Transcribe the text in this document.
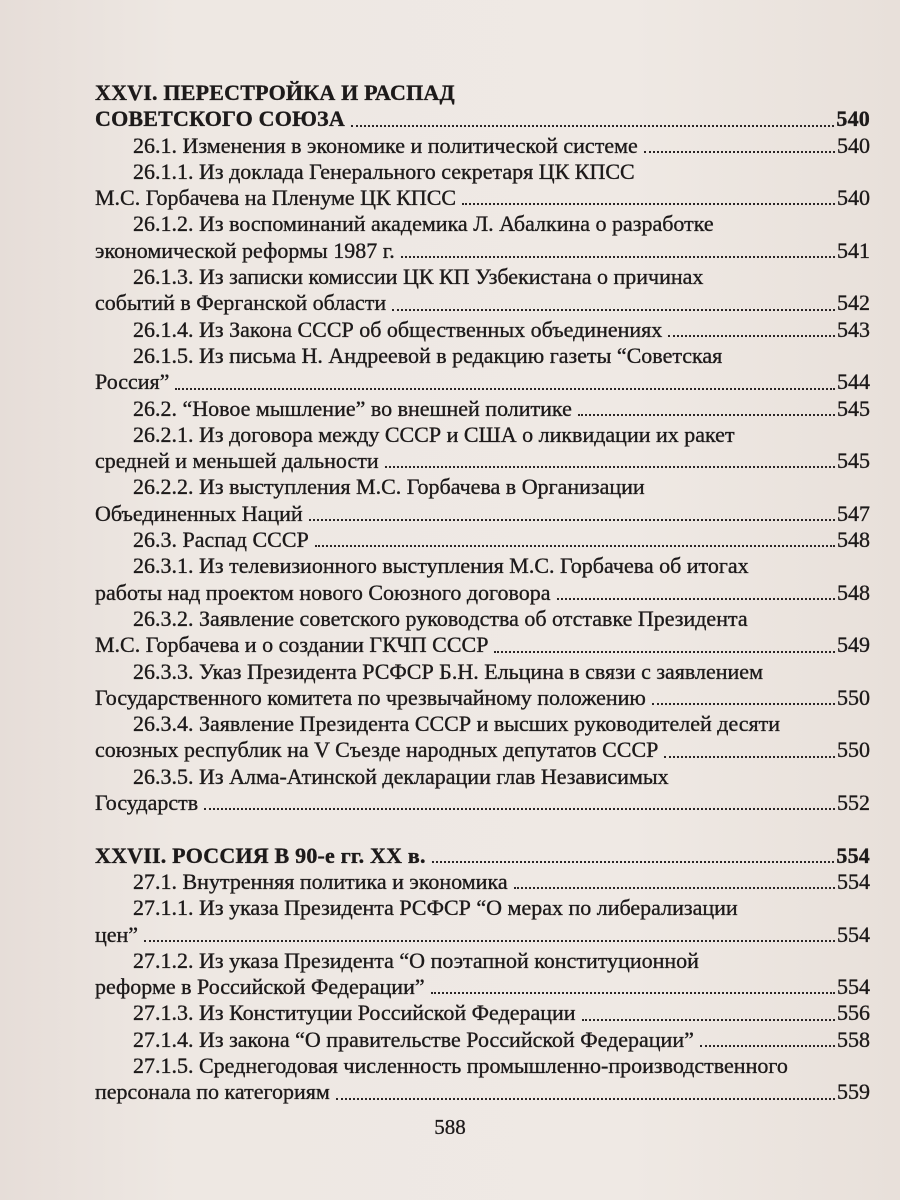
XXVI. ПЕРЕСТРОЙКА И РАСПАД
СОВЕТСКОГО СОЮЗА	540
26.1. Изменения в экономике и политической системе	540
26.1.1. Из доклада Генерального секретаря ЦК КПСС
М.С. Горбачева на Пленуме ЦК КПСС	540
26.1.2. Из воспоминаний академика Л. Абалкина о разработке
экономической реформы 1987 г.	541
26.1.3. Из записки комиссии ЦК КП Узбекистана о причинах
событий в Ферганской области	542
26.1.4. Из Закона СССР об общественных объединениях	543
26.1.5. Из письма Н. Андреевой в редакцию газеты “Советская
Россия”	544
26.2. “Новое мышление” во внешней политике	545
26.2.1. Из договора между СССР и США о ликвидации их ракет
средней и меньшей дальности	545
26.2.2. Из выступления М.С. Горбачева в Организации
Объединенных Наций	547
26.3. Распад СССР	548
26.3.1. Из телевизионного выступления М.С. Горбачева об итогах
работы над проектом нового Союзного договора	548
26.3.2. Заявление советского руководства об отставке Президента
М.С. Горбачева и о создании ГКЧП СССР	549
26.3.3. Указ Президента РСФСР Б.Н. Ельцина в связи с заявлением
Государственного комитета по чрезвычайному положению	550
26.3.4. Заявление Президента СССР и высших руководителей десяти
союзных республик на V Съезде народных депутатов СССР	550
26.3.5. Из Алма-Атинской декларации глав Независимых
Государств	552
XXVII. РОССИЯ В 90-е гг. XX в.	554
27.1. Внутренняя политика и экономика	554
27.1.1. Из указа Президента РСФСР “О мерах по либерализации
цен”	554
27.1.2. Из указа Президента “О поэтапной конституционной
реформе в Российской Федерации”	554
27.1.3. Из Конституции Российской Федерации	556
27.1.4. Из закона “О правительстве Российской Федерации”	558
27.1.5. Среднегодовая численность промышленно-производственного
персонала по категориям	559
588
